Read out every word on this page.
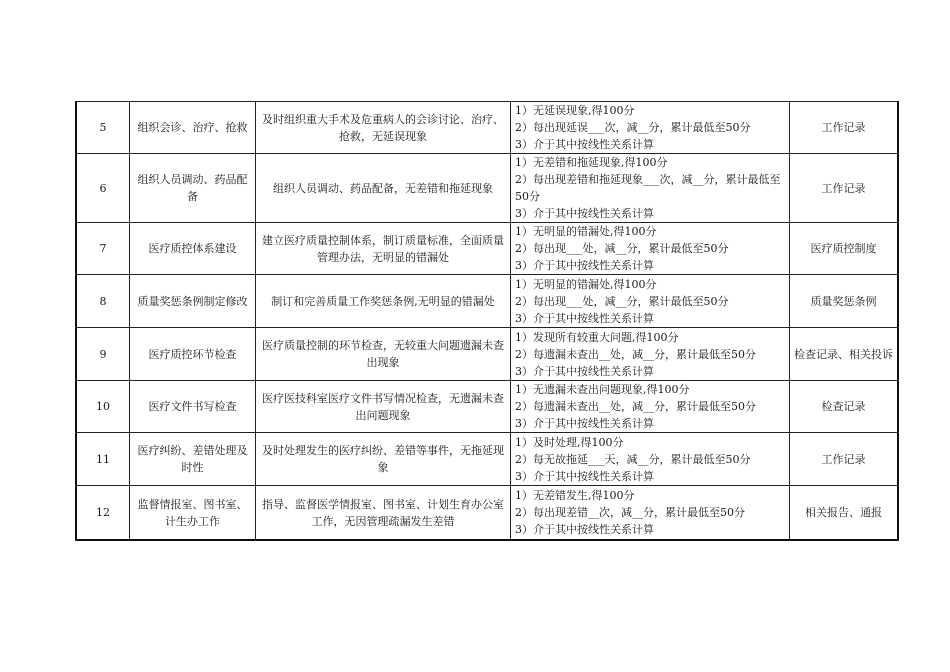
5	组织会诊、治疗、抢救	及时组织重大手术及危重病人的会诊讨论、治疗、抢救，无延误现象	1）无延误现象,得100分
2）每出现延误___次，减__分，累计最低至50分
3）介于其中按线性关系计算	工作记录
6	组织人员调动、药品配备	组织人员调动、药品配备，无差错和拖延现象	1）无差错和拖延现象,得100分
2）每出现差错和拖延现象___次，减__分，累计最低至50分
3）介于其中按线性关系计算	工作记录
7	医疗质控体系建设	建立医疗质量控制体系，制订质量标准，全面质量管理办法，无明显的错漏处	1）无明显的错漏处,得100分
2）每出现___处，减__分，累计最低至50分
3）介于其中按线性关系计算	医疗质控制度
8	质量奖惩条例制定修改	制订和完善质量工作奖惩条例,无明显的错漏处	1）无明显的错漏处,得100分
2）每出现___处，减__分，累计最低至50分
3）介于其中按线性关系计算	质量奖惩条例
9	医疗质控环节检查	医疗质量控制的环节检查，无较重大问题遗漏未查出现象	1）发现所有较重大问题,得100分
2）每遗漏未查出__处，减__分，累计最低至50分
3）介于其中按线性关系计算	检查记录、相关投诉
10	医疗文件书写检查	医疗医技科室医疗文件书写情况检查，无遗漏未查出问题现象	1）无遗漏未查出问题现象,得100分
2）每遗漏未查出__处，减__分，累计最低至50分
3）介于其中按线性关系计算	检查记录
11	医疗纠纷、差错处理及时性	及时处理发生的医疗纠纷、差错等事件，无拖延现象	1）及时处理,得100分
2）每无故拖延___天，减__分，累计最低至50分
3）介于其中按线性关系计算	工作记录
12	监督情报室、图书室、计生办工作	指导、监督医学情报室、图书室、计划生育办公室工作，无因管理疏漏发生差错	1）无差错发生,得100分
2）每出现差错__次，减__分，累计最低至50分
3）介于其中按线性关系计算	相关报告、通报
